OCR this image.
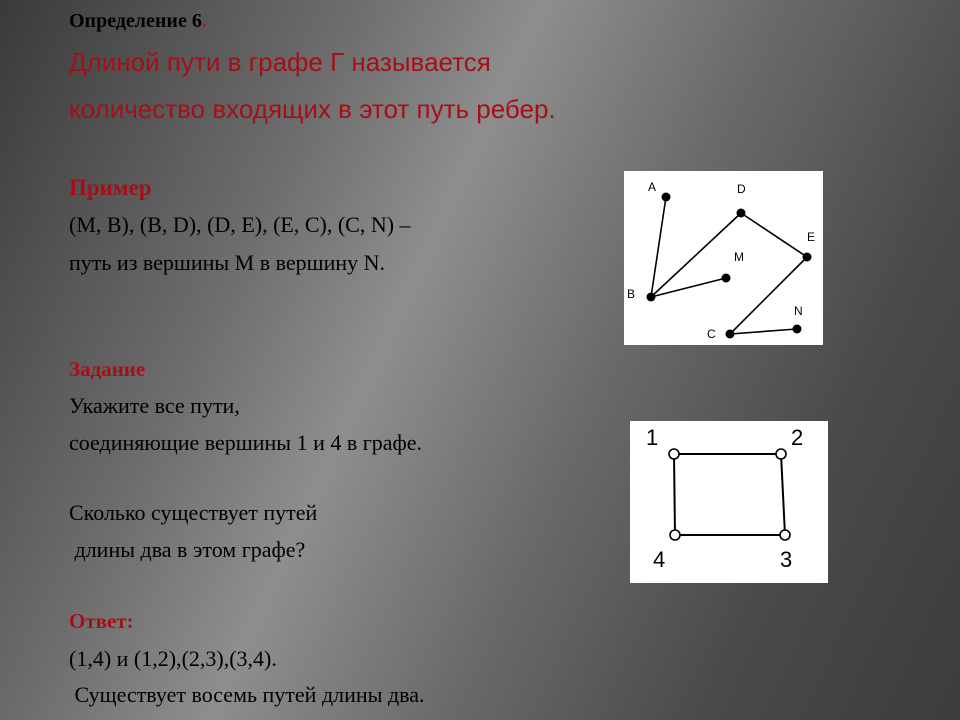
Определение 6.
Длиной пути в графе Г называется
количество входящих в этот путь ребер.
Пример
(M, B), (B, D), (D, E), (E, C), (C, N) –
путь из вершины M в вершину N.
Задание
Укажите все пути,
соединяющие вершины 1 и 4 в графе.
Сколько существует путей
длины два в этом графе?
Ответ:
(1,4) и (1,2),(2,3),(3,4).
Существует восемь путей длины два.
A	D
E
M
B
C
N
1	2
3
4
